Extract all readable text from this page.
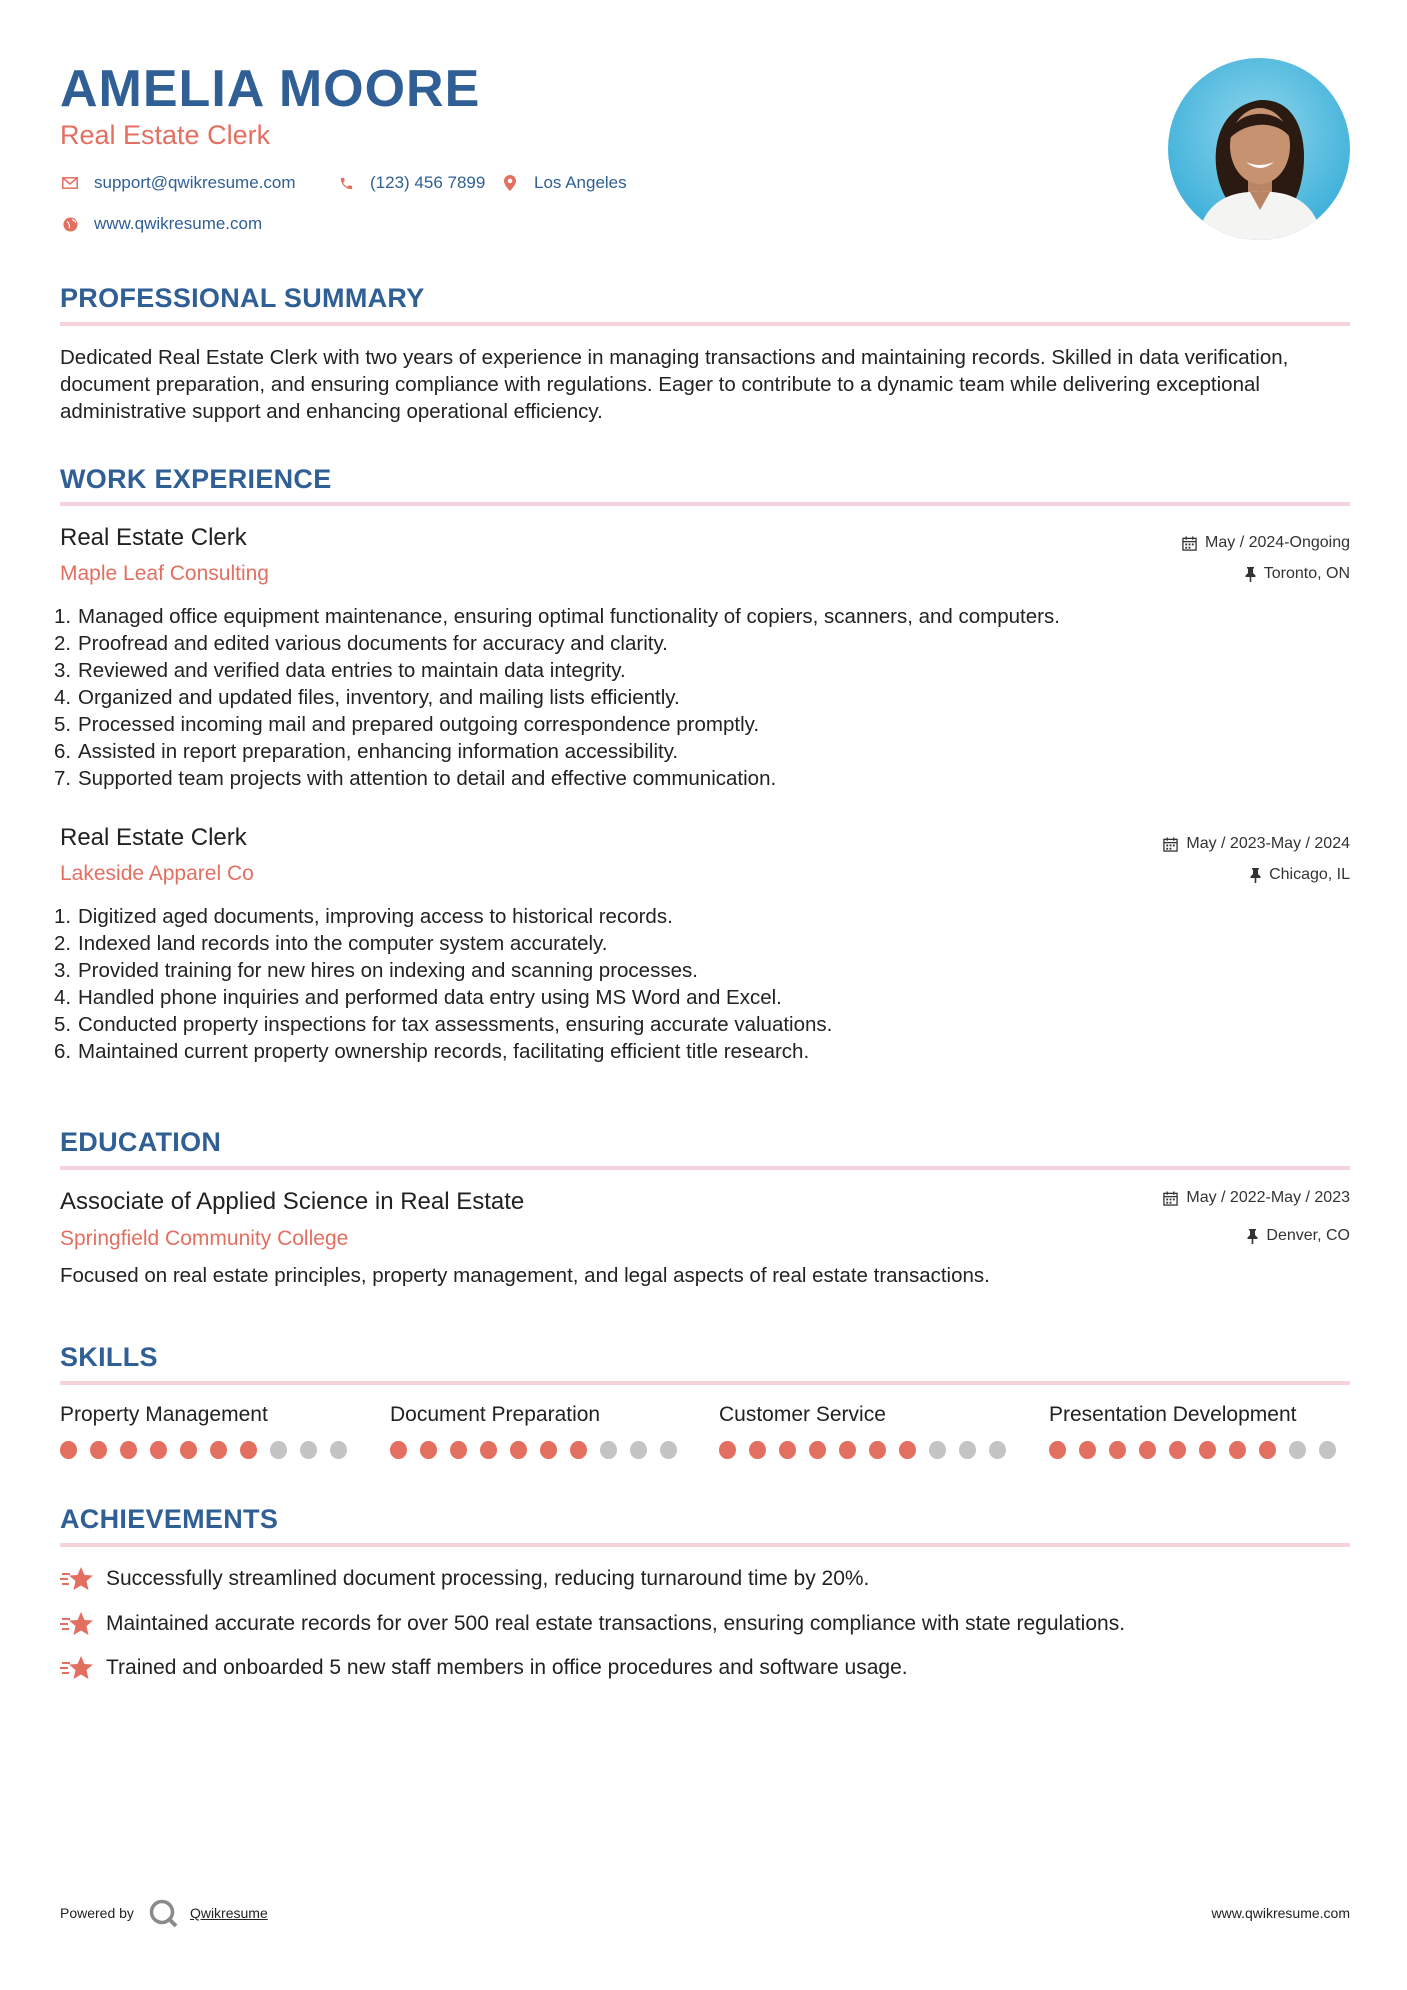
AMELIA MOORE
Real Estate Clerk
support@qwikresume.com	(123) 456 7899	Los Angeles
www.qwikresume.com
PROFESSIONAL SUMMARY
Dedicated Real Estate Clerk with two years of experience in managing transactions and maintaining records. Skilled in data verification, document preparation, and ensuring compliance with regulations. Eager to contribute to a dynamic team while delivering exceptional administrative support and enhancing operational efficiency.
WORK EXPERIENCE
Real Estate Clerk
Maple Leaf Consulting
May / 2024-Ongoing
Toronto, ON
1. Managed office equipment maintenance, ensuring optimal functionality of copiers, scanners, and computers.
2. Proofread and edited various documents for accuracy and clarity.
3. Reviewed and verified data entries to maintain data integrity.
4. Organized and updated files, inventory, and mailing lists efficiently.
5. Processed incoming mail and prepared outgoing correspondence promptly.
6. Assisted in report preparation, enhancing information accessibility.
7. Supported team projects with attention to detail and effective communication.
Real Estate Clerk
Lakeside Apparel Co
May / 2023-May / 2024
Chicago, IL
1. Digitized aged documents, improving access to historical records.
2. Indexed land records into the computer system accurately.
3. Provided training for new hires on indexing and scanning processes.
4. Handled phone inquiries and performed data entry using MS Word and Excel.
5. Conducted property inspections for tax assessments, ensuring accurate valuations.
6. Maintained current property ownership records, facilitating efficient title research.
EDUCATION
Associate of Applied Science in Real Estate
Springfield Community College
May / 2022-May / 2023
Denver, CO
Focused on real estate principles, property management, and legal aspects of real estate transactions.
SKILLS
Property Management	Document Preparation	Customer Service	Presentation Development
ACHIEVEMENTS
Successfully streamlined document processing, reducing turnaround time by 20%.
Maintained accurate records for over 500 real estate transactions, ensuring compliance with state regulations.
Trained and onboarded 5 new staff members in office procedures and software usage.
Powered by	Qwikresume	www.qwikresume.com
